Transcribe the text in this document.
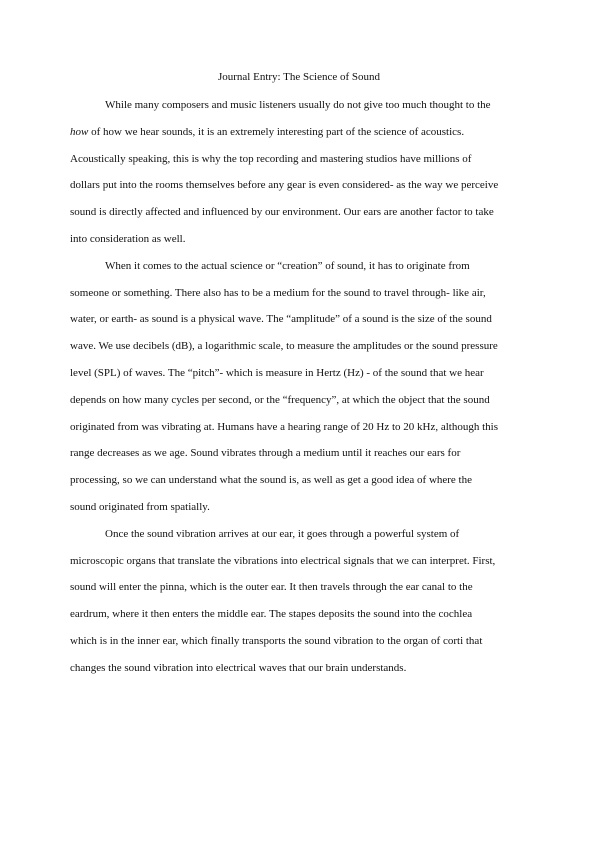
Journal Entry: The Science of Sound
While many composers and music listeners usually do not give too much thought to the
how of how we hear sounds, it is an extremely interesting part of the science of acoustics.
Acoustically speaking, this is why the top recording and mastering studios have millions of
dollars put into the rooms themselves before any gear is even considered- as the way we perceive
sound is directly affected and influenced by our environment. Our ears are another factor to take
into consideration as well.
When it comes to the actual science or “creation” of sound, it has to originate from
someone or something. There also has to be a medium for the sound to travel through- like air,
water, or earth- as sound is a physical wave. The “amplitude” of a sound is the size of the sound
wave. We use decibels (dB), a logarithmic scale, to measure the amplitudes or the sound pressure
level (SPL) of waves. The “pitch”- which is measure in Hertz (Hz) - of the sound that we hear
depends on how many cycles per second, or the “frequency”, at which the object that the sound
originated from was vibrating at. Humans have a hearing range of 20 Hz to 20 kHz, although this
range decreases as we age. Sound vibrates through a medium until it reaches our ears for
processing, so we can understand what the sound is, as well as get a good idea of where the
sound originated from spatially.
Once the sound vibration arrives at our ear, it goes through a powerful system of
microscopic organs that translate the vibrations into electrical signals that we can interpret. First,
sound will enter the pinna, which is the outer ear. It then travels through the ear canal to the
eardrum, where it then enters the middle ear. The stapes deposits the sound into the cochlea
which is in the inner ear, which finally transports the sound vibration to the organ of corti that
changes the sound vibration into electrical waves that our brain understands.
